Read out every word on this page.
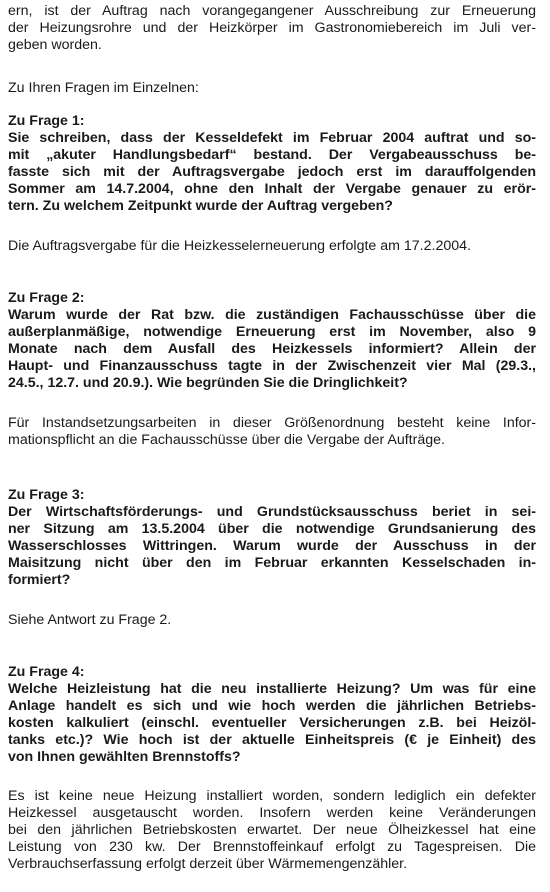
ern, ist der Auftrag nach vorangegangener Ausschreibung zur Erneuerung
der Heizungsrohre und der Heizkörper im Gastronomiebereich im Juli ver-
geben worden.
Zu Ihren Fragen im Einzelnen:
Zu Frage 1:
Sie schreiben, dass der Kesseldefekt im Februar 2004 auftrat und so-
mit „akuter Handlungsbedarf“ bestand. Der Vergabeausschuss be-
fasste sich mit der Auftragsvergabe jedoch erst im darauffolgenden
Sommer am 14.7.2004, ohne den Inhalt der Vergabe genauer zu erör-
tern. Zu welchem Zeitpunkt wurde der Auftrag vergeben?
Die Auftragsvergabe für die Heizkesselerneuerung erfolgte am 17.2.2004.
Zu Frage 2:
Warum wurde der Rat bzw. die zuständigen Fachausschüsse über die
außerplanmäßige, notwendige Erneuerung erst im November, also 9
Monate nach dem Ausfall des Heizkessels informiert? Allein der
Haupt- und Finanzausschuss tagte in der Zwischenzeit vier Mal (29.3.,
24.5., 12.7. und 20.9.). Wie begründen Sie die Dringlichkeit?
Für Instandsetzungsarbeiten in dieser Größenordnung besteht keine Infor-
mationspflicht an die Fachausschüsse über die Vergabe der Aufträge.
Zu Frage 3:
Der Wirtschaftsförderungs- und Grundstücksausschuss beriet in sei-
ner Sitzung am 13.5.2004 über die notwendige Grundsanierung des
Wasserschlosses Wittringen. Warum wurde der Ausschuss in der
Maisitzung nicht über den im Februar erkannten Kesselschaden in-
formiert?
Siehe Antwort zu Frage 2.
Zu Frage 4:
Welche Heizleistung hat die neu installierte Heizung? Um was für eine
Anlage handelt es sich und wie hoch werden die jährlichen Betriebs-
kosten kalkuliert (einschl. eventueller Versicherungen z.B. bei Heizöl-
tanks etc.)? Wie hoch ist der aktuelle Einheitspreis (€ je Einheit) des
von Ihnen gewählten Brennstoffs?
Es ist keine neue Heizung installiert worden, sondern lediglich ein defekter
Heizkessel ausgetauscht worden. Insofern werden keine Veränderungen
bei den jährlichen Betriebskosten erwartet. Der neue Ölheizkessel hat eine
Leistung von 230 kw. Der Brennstoffeinkauf erfolgt zu Tagespreisen. Die
Verbrauchserfassung erfolgt derzeit über Wärmemengenzähler.
